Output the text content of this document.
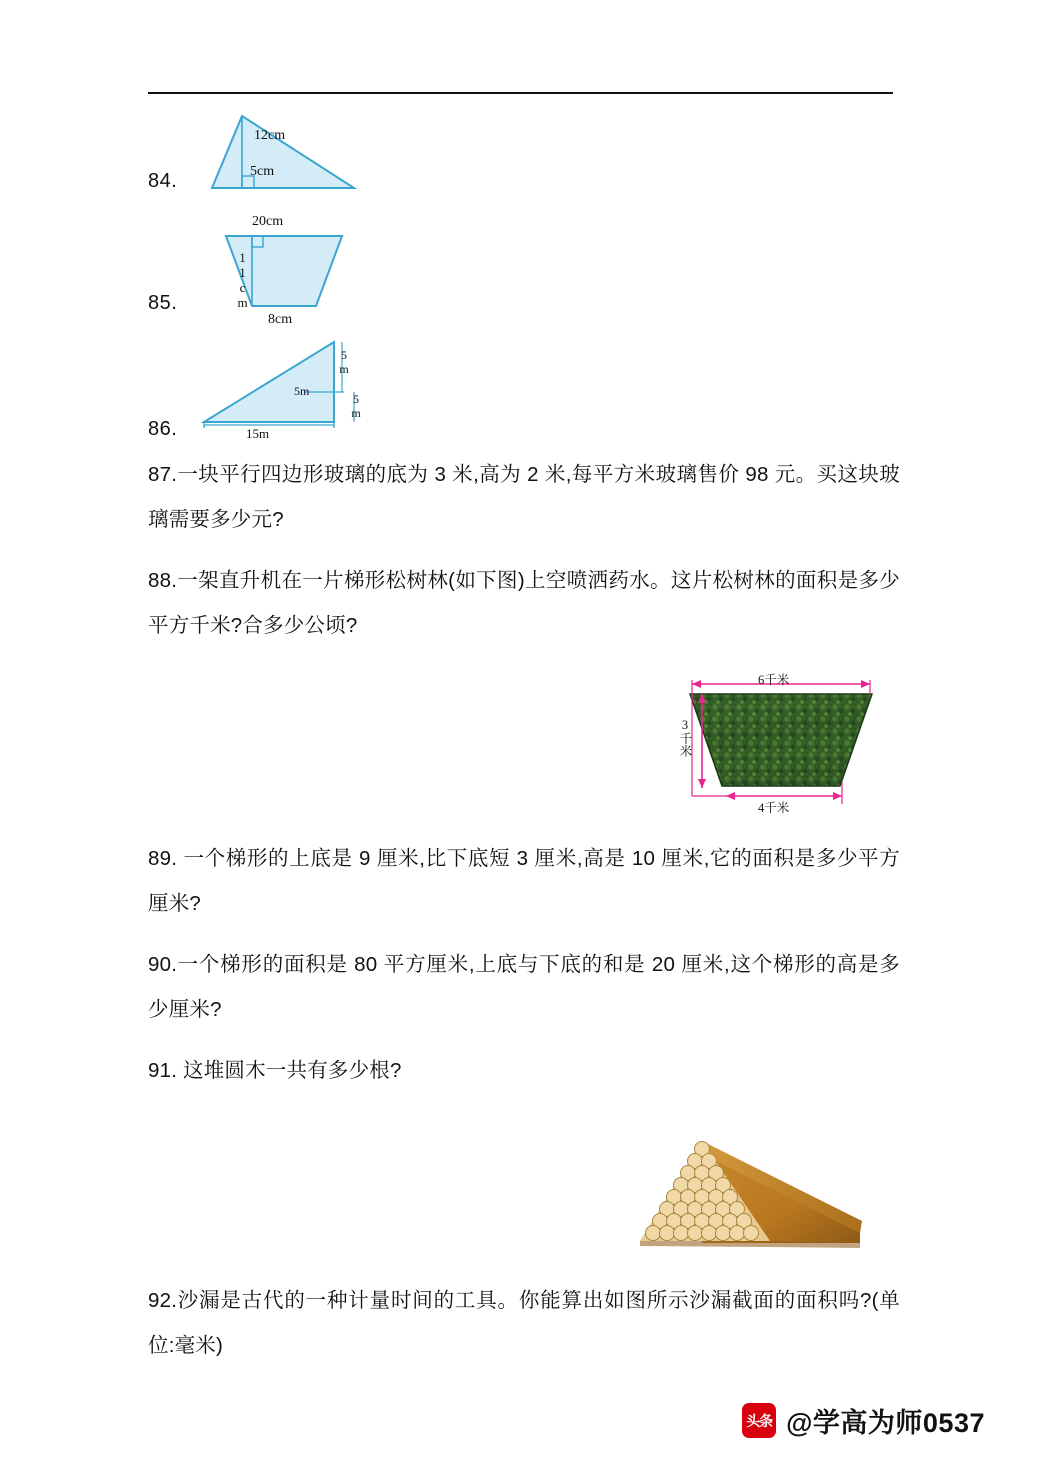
84.
12cm
5cm
85.
20cm
11cm
8cm
86.
5m
5m
5m
15m

87.一块平行四边形玻璃的底为 3 米,高为 2 米,每平方米玻璃售价 98 元。买这块玻璃需要多少元?

88.一架直升机在一片梯形松树林(如下图)上空喷洒药水。这片松树林的面积是多少平方千米?合多少公顷?

6千米
3千米
4千米

89. 一个梯形的上底是 9 厘米,比下底短 3 厘米,高是 10 厘米,它的面积是多少平方厘米?

90.一个梯形的面积是 80 平方厘米,上底与下底的和是 20 厘米,这个梯形的高是多少厘米?

91. 这堆圆木一共有多少根?

92.沙漏是古代的一种计量时间的工具。你能算出如图所示沙漏截面的面积吗?(单位:毫米)

头条 @学高为师0537
